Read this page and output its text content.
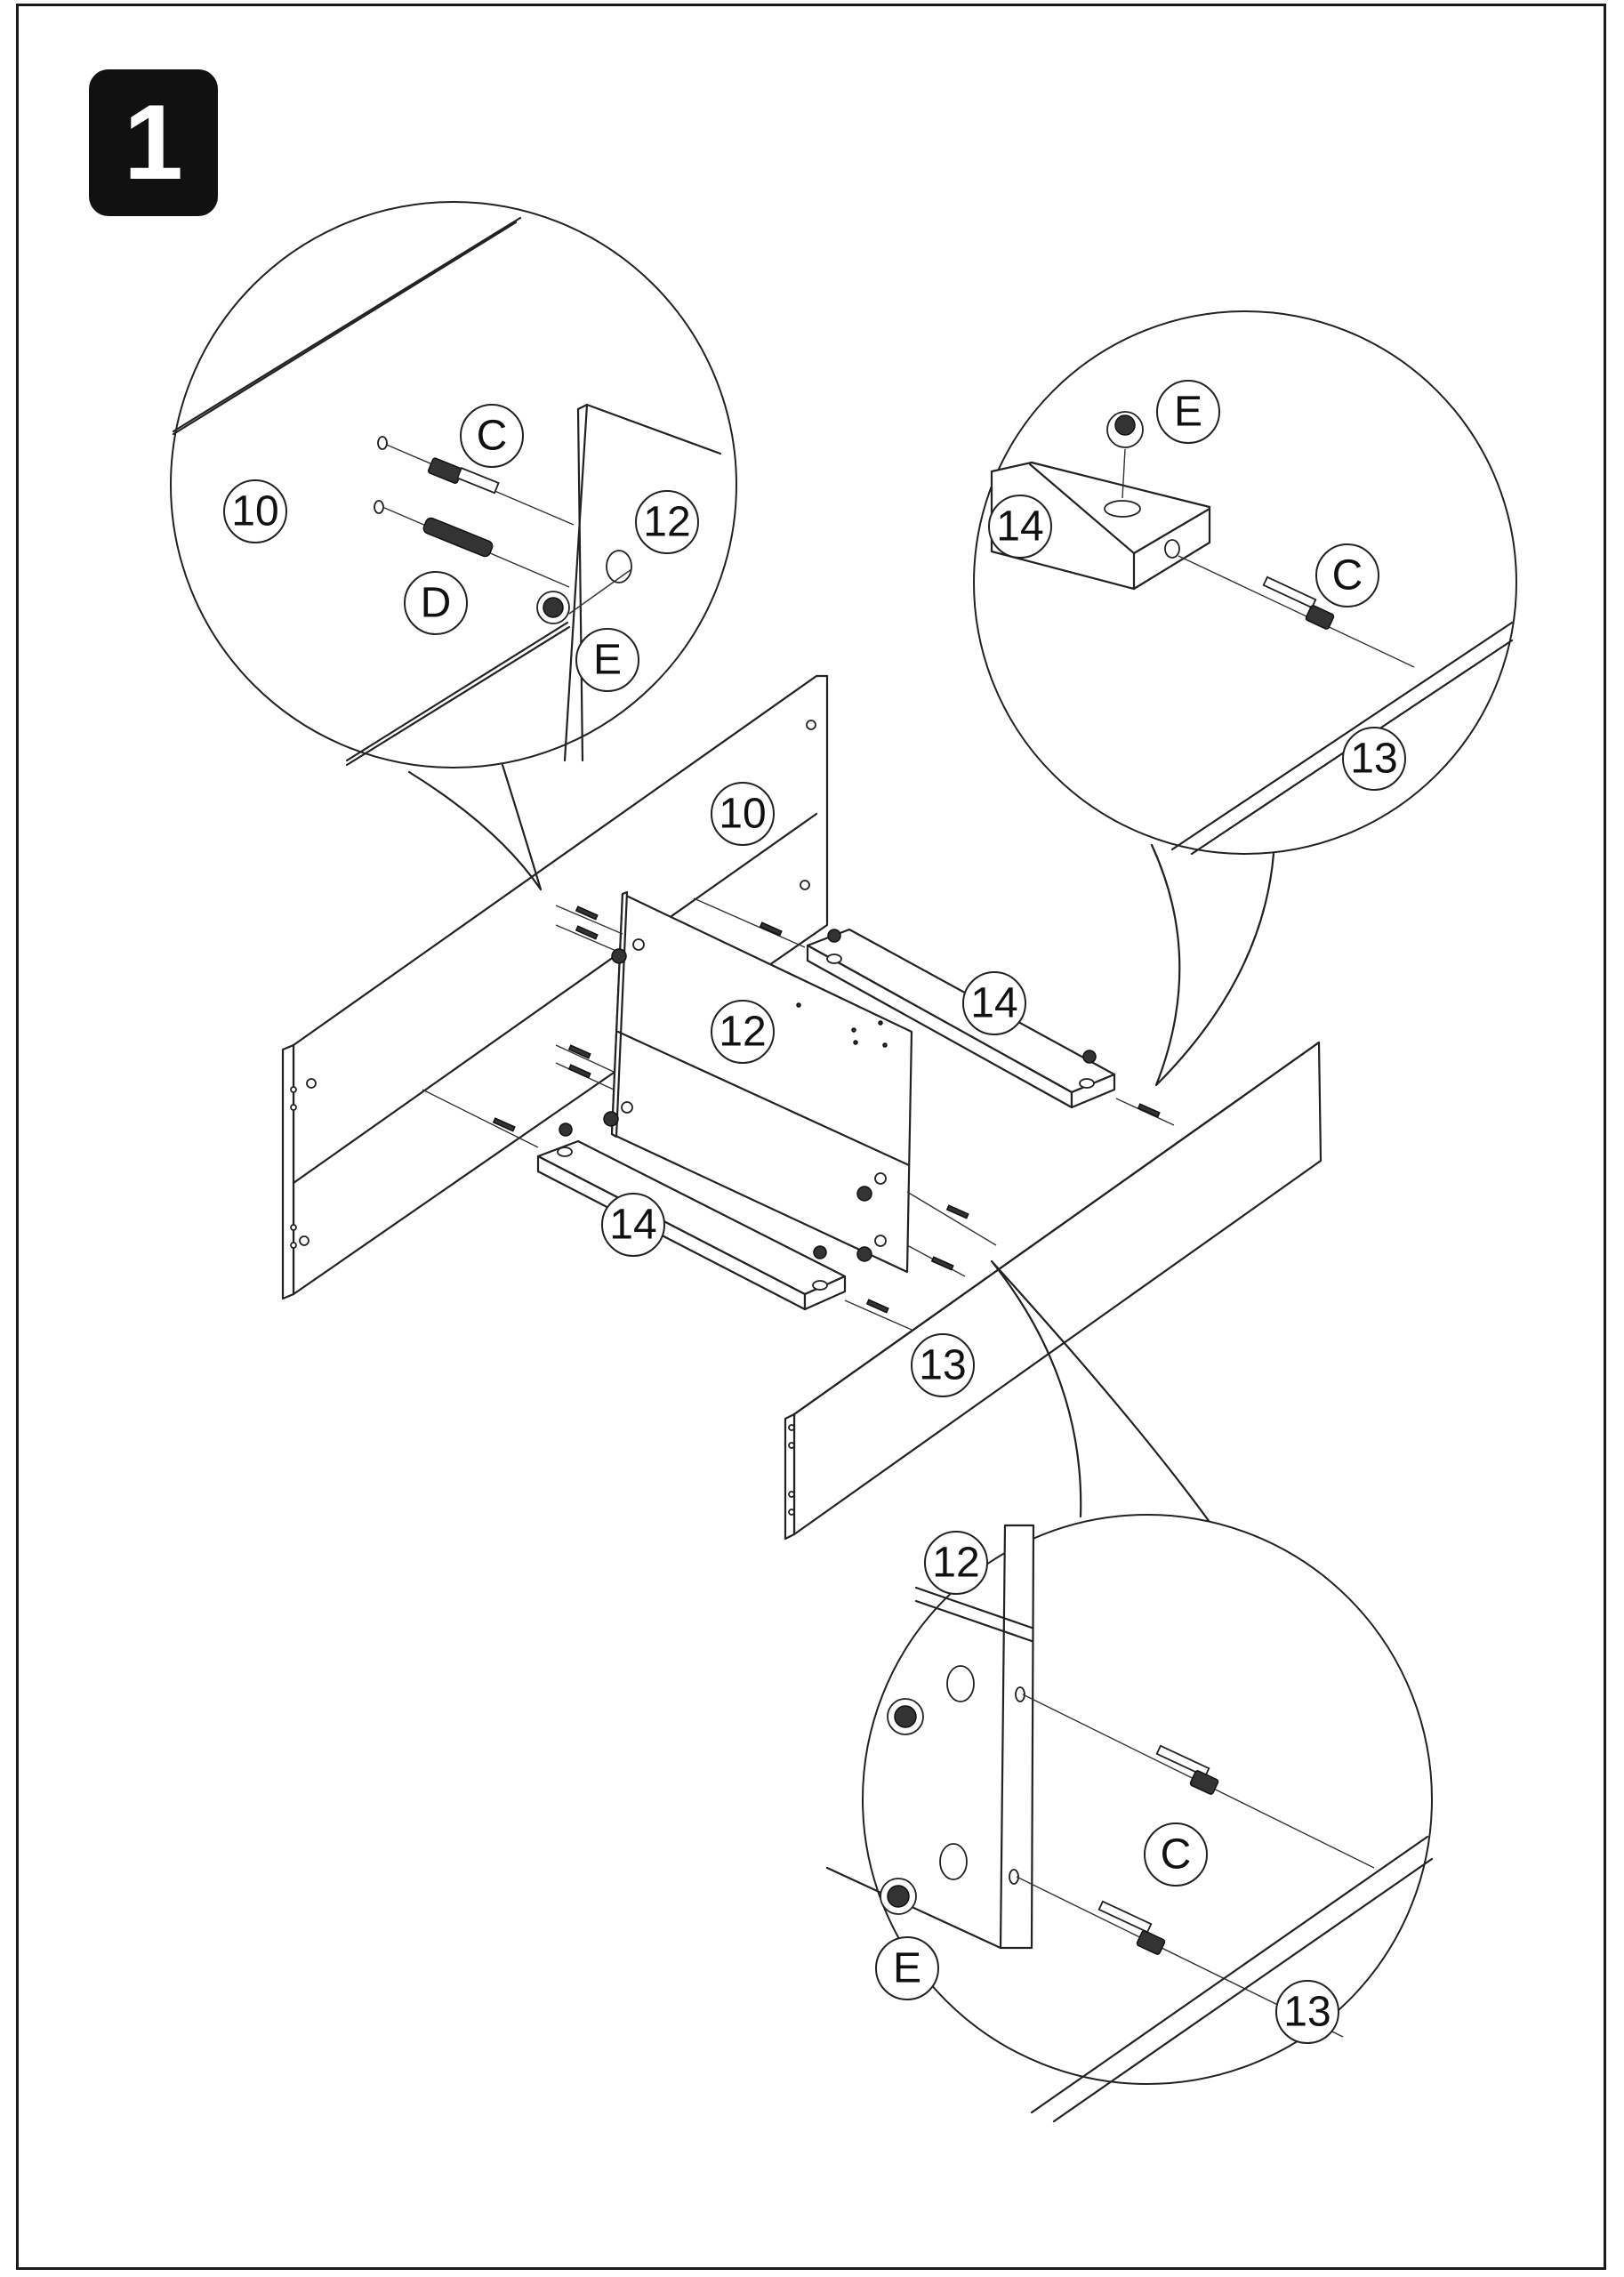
1
10	12
C
D
E
E
14
C
13
10
12
14
14
13
12
C
E
13
